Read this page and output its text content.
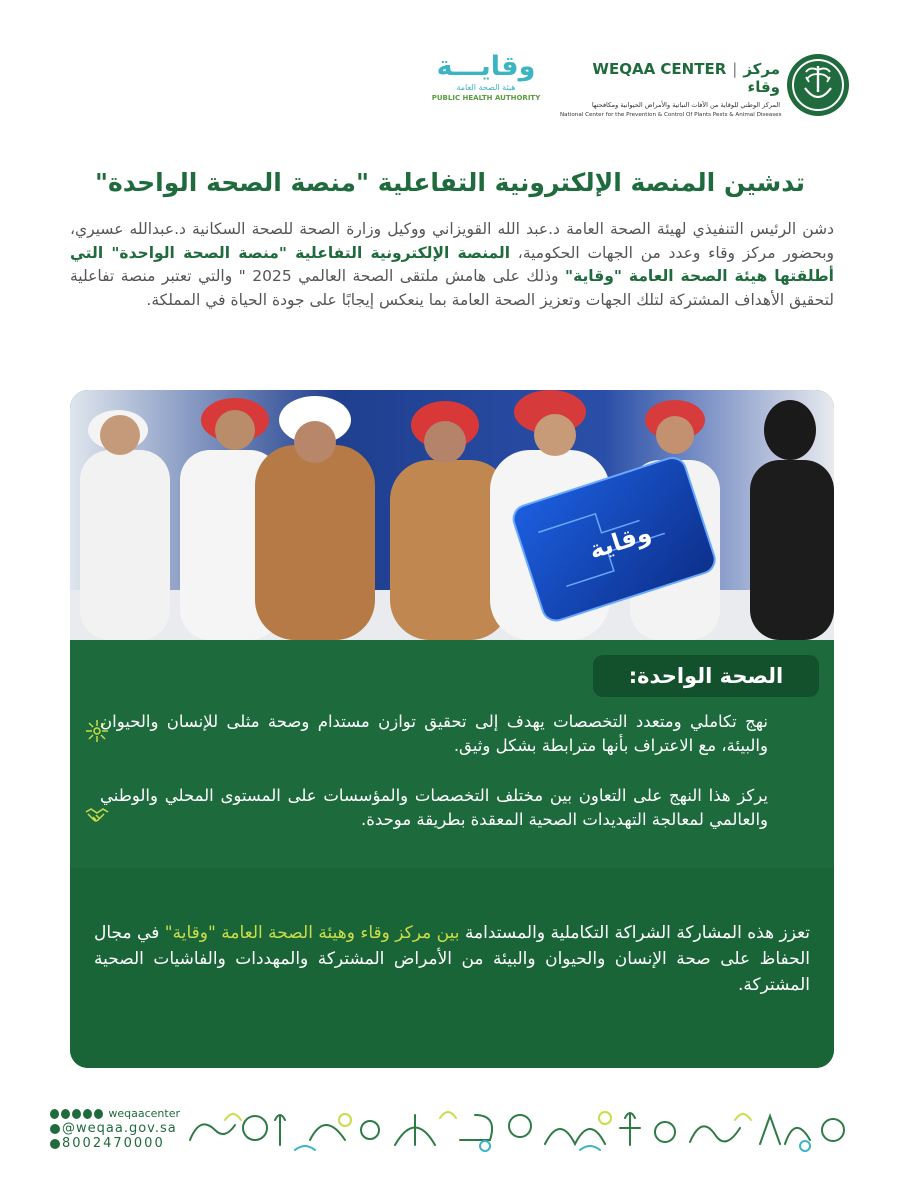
WEQAA CENTER | مركز وقاء
المركز الوطني للوقاية من الآفات النباتية والأمراض الحيوانية ومكافحتها
National Center for the Prevention & Control Of Plants Pests & Animal Diseases
وقايـــة
هيئة الصحة العامة
PUBLIC HEALTH AUTHORITY
تدشين المنصة الإلكترونية التفاعلية "منصة الصحة الواحدة"

دشن الرئيس التنفيذي لهيئة الصحة العامة د.عبد الله القويزاني ووكيل وزارة الصحة للصحة السكانية د.عبدالله عسيري، وبحضور مركز وقاء وعدد من الجهات الحكومية، المنصة الإلكترونية التفاعلية "منصة الصحة الواحدة" التي أطلقتها هيئة الصحة العامة "وقاية" وذلك على هامش ملتقى الصحة العالمي 2025 " والتي تعتبر منصة تفاعلية لتحقيق الأهداف المشتركة لتلك الجهات وتعزيز الصحة العامة بما ينعكس إيجابًا على جودة الحياة في المملكة.

وقاية
الصحة الواحدة:

نهج تكاملي ومتعدد التخصصات يهدف إلى تحقيق توازن مستدام وصحة مثلى للإنسان والحيوان والبيئة، مع الاعتراف بأنها مترابطة بشكل وثيق.

يركز هذا النهج على التعاون بين مختلف التخصصات والمؤسسات على المستوى المحلي والوطني والعالمي لمعالجة التهديدات الصحية المعقدة بطريقة موحدة.

تعزز هذه المشاركة الشراكة التكاملية والمستدامة بين مركز وقاء وهيئة الصحة العامة "وقاية" في مجال الحفاظ على صحة الإنسان والحيوان والبيئة من الأمراض المشتركة والمهددات والفاشيات الصحية المشتركة.

weqaacenter
@weqaa.gov.sa
8002470000
